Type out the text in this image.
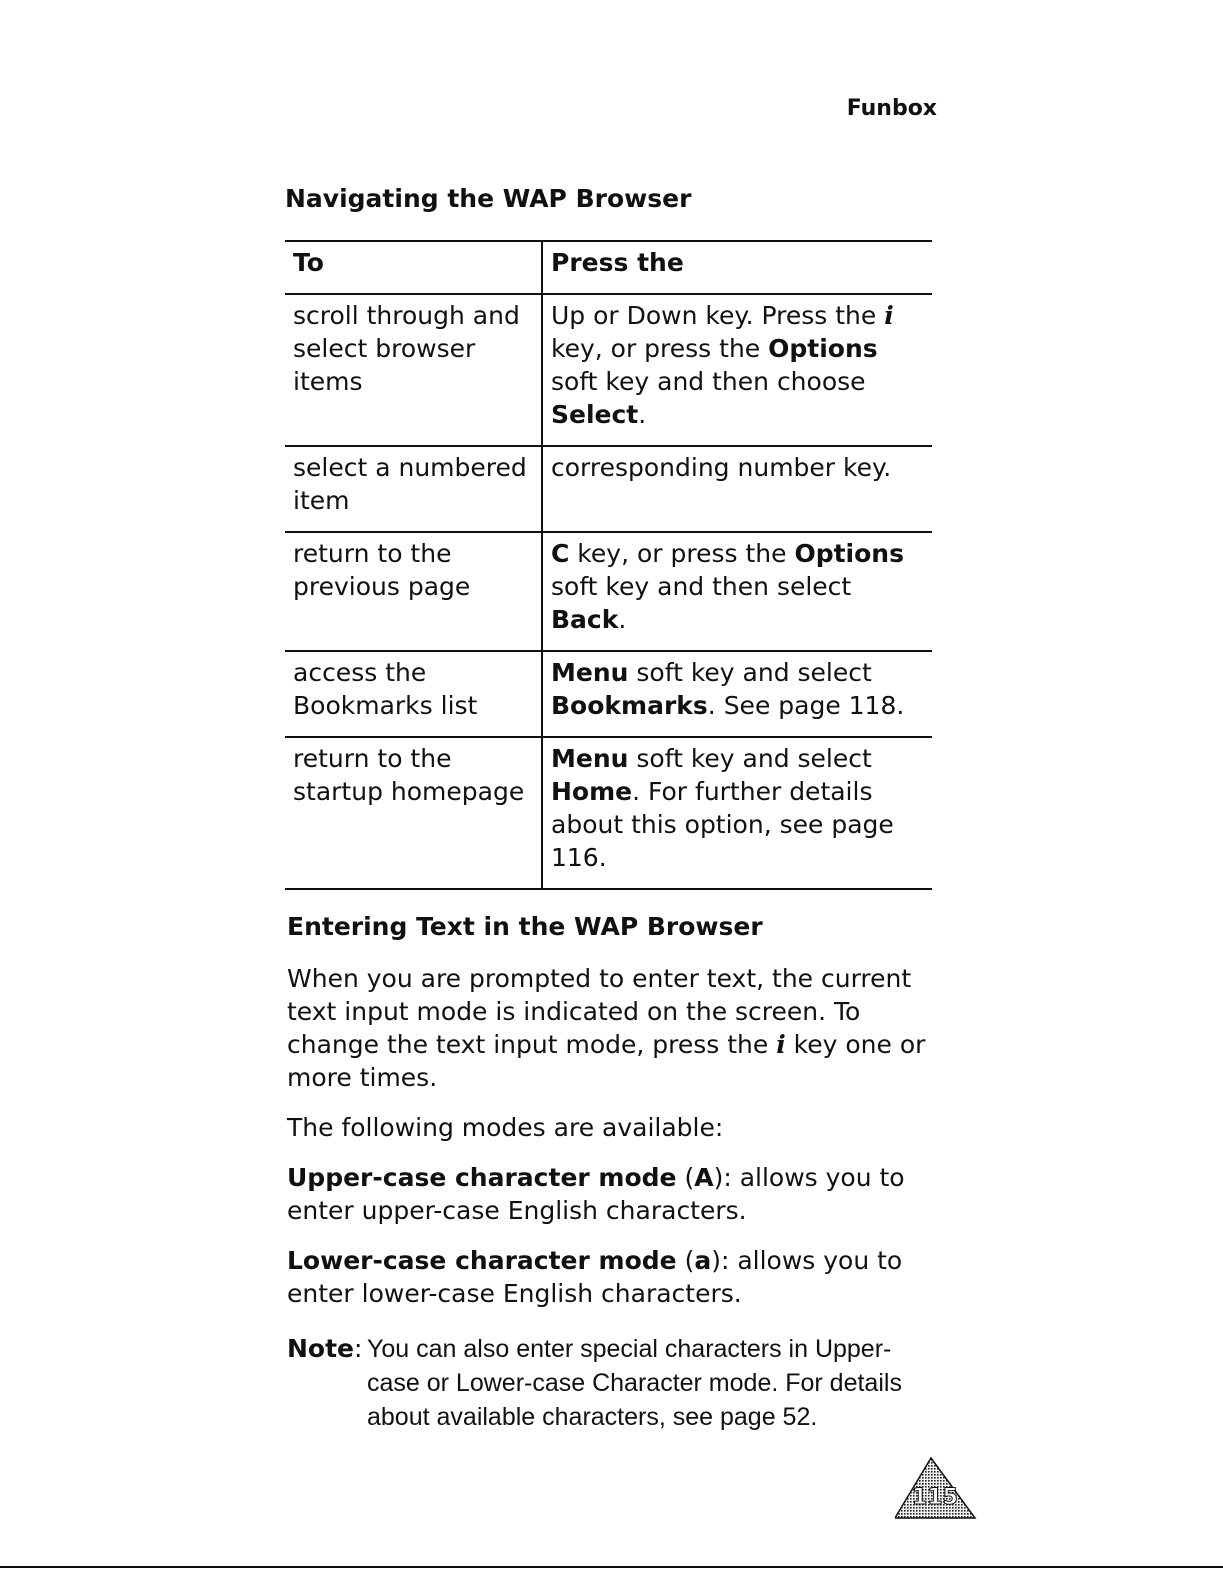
Funbox
Navigating the WAP Browser
To	Press the
scroll through and select browser items	Up or Down key. Press the i key, or press the Options soft key and then choose Select.
select a numbered item	corresponding number key.
return to the previous page	C key, or press the Options soft key and then select Back.
access the Bookmarks list	Menu soft key and select Bookmarks. See page 118.
return to the startup homepage	Menu soft key and select Home. For further details about this option, see page 116.
Entering Text in the WAP Browser

When you are prompted to enter text, the current text input mode is indicated on the screen. To change the text input mode, press the i key one or more times.

The following modes are available:

Upper-case character mode (A): allows you to enter upper-case English characters.

Lower-case character mode (a): allows you to enter lower-case English characters.

Note: You can also enter special characters in Upper-case or Lower-case Character mode. For details about available characters, see page 52.
115
